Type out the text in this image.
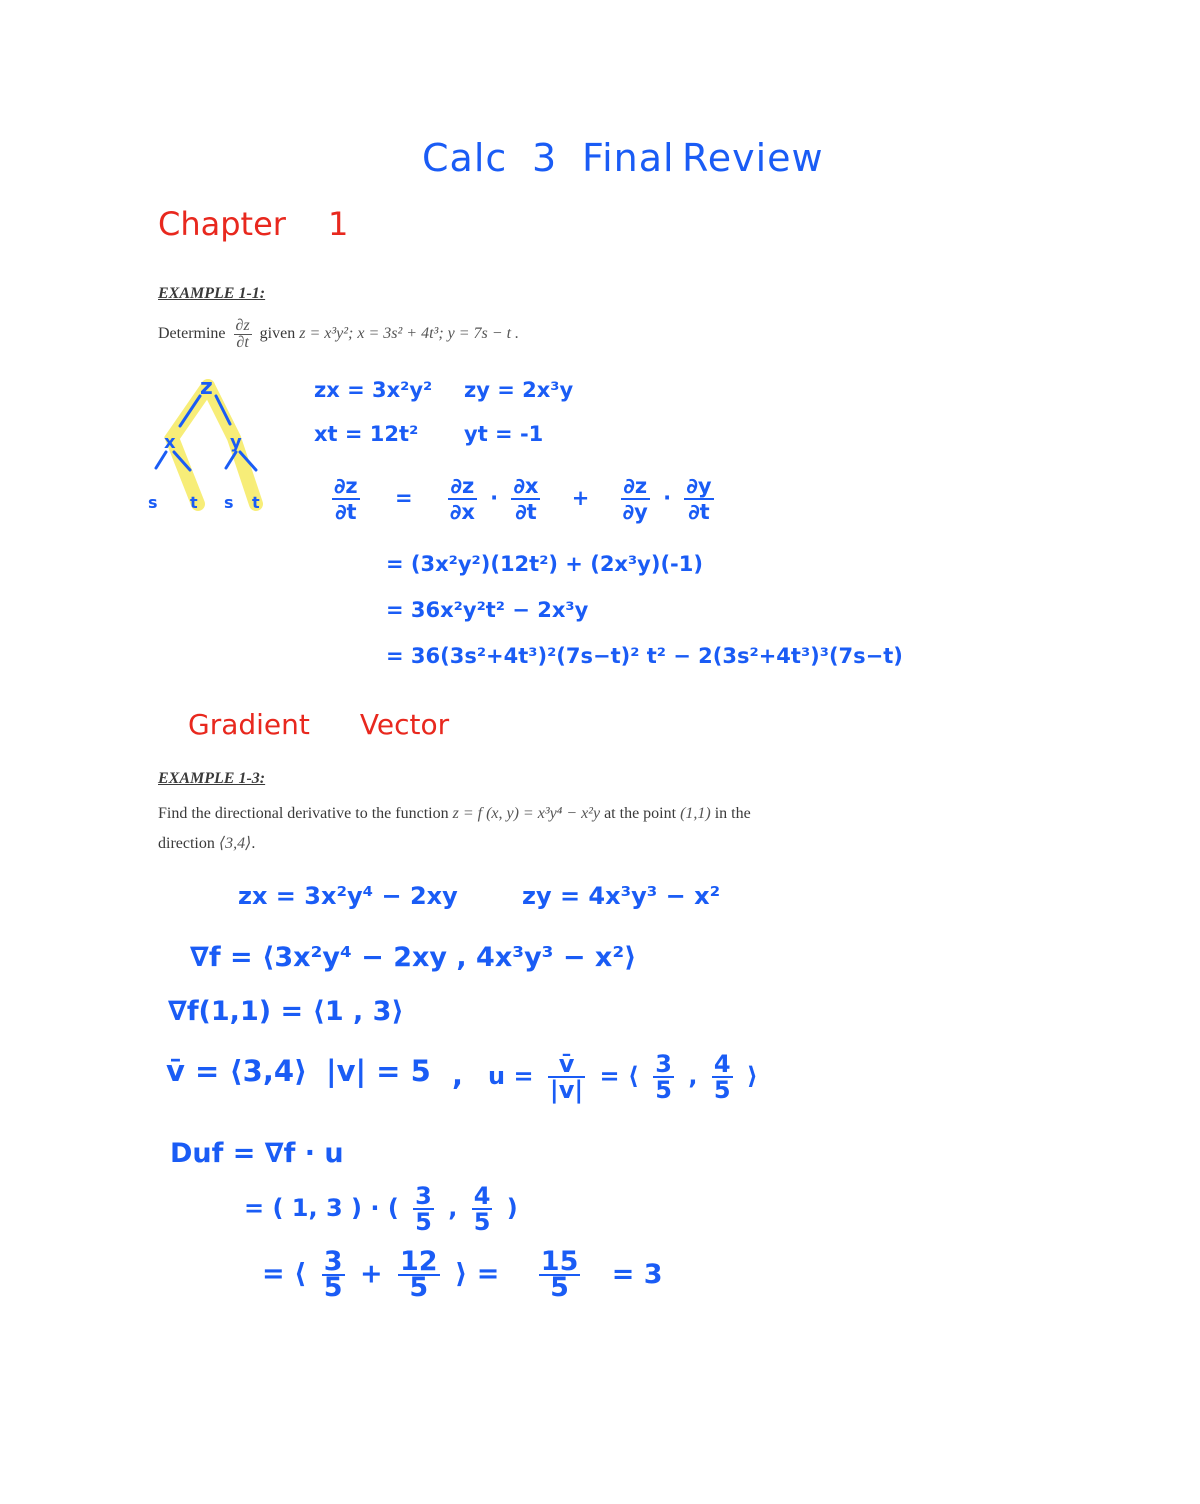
Calc 3 Final Review
Chapter 1
EXAMPLE 1-1:
Determine $\frac{\partial z}{\partial t}$ given z = x³y²; x = 3s² + 4t³; y = 7s − t .
z
x	y
s t s t
zx = 3x²y² zy = 2x³y
xt = 12t² yt = -1
$\frac{\partial z}{\partial t} = \frac{\partial z}{\partial x} \cdot \frac{\partial x}{\partial t} + \frac{\partial z}{\partial y} \cdot \frac{\partial y}{\partial t}$
= (3x²y²)(12t²) + (2x³y)(-1)
= 36x²y²t² − 2x³y
= 36(3s²+4t³)²(7s−t)² t² − 2(3s²+4t³)³(7s−t)
Gradient Vector
EXAMPLE 1-3:
Find the directional derivative to the function z = f (x, y) = x³y⁴ − x²y at the point (1,1) in the
direction ⟨3,4⟩.
zx = 3x²y⁴ − 2xy	zy = 4x³y³ − x²
∇f = ⟨3x²y⁴ − 2xy , 4x³y³ − x²⟩
∇f(1,1) = ⟨1 , 3⟩
v̄ = ⟨3,4⟩ |v| = 5 , $u = \frac{v̄}{|v|}$ = ⟨ $\frac{3}{5}$ , $\frac{4}{5}$ ⟩
Duf = ∇f · u
= ( 1, 3 ) · ( $\frac{3}{5}$ , $\frac{4}{5}$ )
= ⟨ $\frac{3}{5} + \frac{12}{5}$ ⟩ = $\frac{15}{5} = 3$
